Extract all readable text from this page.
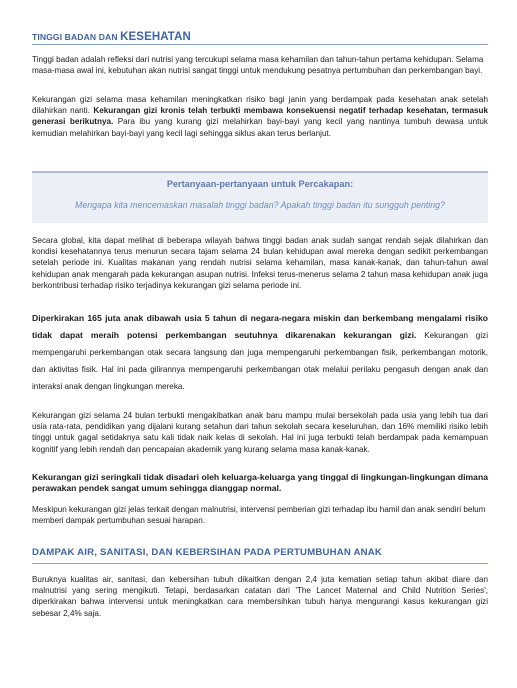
TINGGI BADAN DAN KESEHATAN

Tinggi badan adalah refleksi dari nutrisi yang tercukupi selama masa kehamilan dan tahun-tahun pertama kehidupan. Selama masa-masa awal ini, kebutuhan akan nutrisi sangat tinggi untuk mendukung pesatnya pertumbuhan dan perkembangan bayi.

Kekurangan gizi selama masa kehamilan meningkatkan risiko bagi janin yang berdampak pada kesehatan anak setelah dilahirkan nanti. Kekurangan gizi kronis telah terbukti membawa konsekuensi negatif terhadap kesehatan, termasuk generasi berikutnya. Para ibu yang kurang gizi melahirkan bayi-bayi yang kecil yang nantinya tumbuh dewasa untuk kemudian melahirkan bayi-bayi yang kecil lagi sehingga siklus akan terus berlanjut.

Pertanyaan-pertanyaan untuk Percakapan:
Mengapa kita mencemaskan masalah tinggi badan? Apakah tinggi badan itu sungguh penting?

Secara global, kita dapat melihat di beberapa wilayah bahwa tinggi badan anak sudah sangat rendah sejak dilahirkan dan kondisi kesehatannya terus menurun secara tajam selama 24 bulan kehidupan awal mereka dengan sedikit perkembangan setelah periode ini. Kualitas makanan yang rendah nutrisi selama kehamilan, masa kanak-kanak, dan tahun-tahun awal kehidupan anak mengarah pada kekurangan asupan nutrisi. Infeksi terus-menerus selama 2 tahun masa kehidupan anak juga berkontribusi terhadap risiko terjadinya kekurangan gizi selama periode ini.

Diperkirakan 165 juta anak dibawah usia 5 tahun di negara-negara miskin dan berkembang mengalami risiko tidak dapat meraih potensi perkembangan seutuhnya dikarenakan kekurangan gizi. Kekurangan gizi mempengaruhi perkembangan otak secara langsung dan juga mempengaruhi perkembangan fisik, perkembangan motorik, dan aktivitas fisik. Hal ini pada gilirannya mempengaruhi perkembangan otak melalui perilaku pengasuh dengan anak dan interaksi anak dengan lingkungan mereka.

Kekurangan gizi selama 24 bulan terbukti mengakibatkan anak baru mampu mulai bersekolah pada usia yang lebih tua dari usia rata-rata, pendidikan yang dijalani kurang setahun dari tahun sekolah secara keseluruhan, dan 16% memiliki risiko lebih tinggi untuk gagal setidaknya satu kali tidak naik kelas di sekolah. Hal ini juga terbukti telah berdampak pada kemampuan kognitif yang lebih rendah dan pencapaian akademik yang kurang selama masa kanak-kanak.

Kekurangan gizi seringkali tidak disadari oleh keluarga-keluarga yang tinggal di lingkungan-lingkungan dimana perawakan pendek sangat umum sehingga dianggap normal.

Meskipun kekurangan gizi jelas terkait dengan malnutrisi, intervensi pemberian gizi terhadap ibu hamil dan anak sendiri belum memberi dampak pertumbuhan sesuai harapan.

DAMPAK AIR, SANITASI, DAN KEBERSIHAN PADA PERTUMBUHAN ANAK

Buruknya kualitas air, sanitasi, dan kebersihan tubuh dikaitkan dengan 2,4 juta kematian setiap tahun akibat diare dan malnutrisi yang sering mengikuti. Tetapi, berdasarkan catatan dari 'The Lancet Maternal and Child Nutrition Series', diperkirakan bahwa intervensi untuk meningkatkan cara membersihkan tubuh hanya mengurangi kasus kekurangan gizi sebesar 2,4% saja.
